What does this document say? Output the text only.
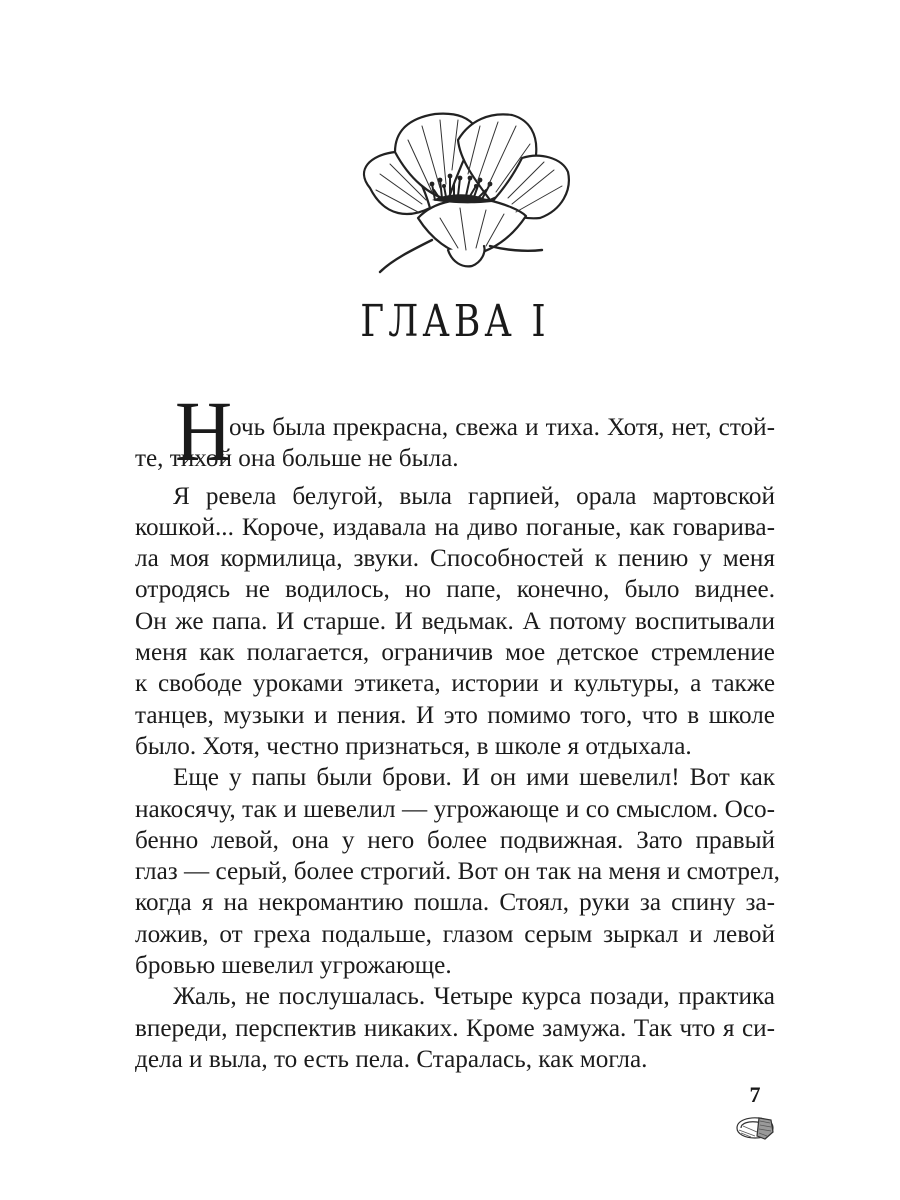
ГЛАВА I

Н
очь была прекрасна, свежа и тиха. Хотя, нет, стой-
те, тихой она больше не была.

Я ревела белугой, выла гарпией, орала мартовской
кошкой... Короче, издавала на диво поганые, как говарива-
ла моя кормилица, звуки. Способностей к пению у меня
отродясь не водилось, но папе, конечно, было виднее.
Он же папа. И старше. И ведьмак. А потому воспитывали
меня как полагается, ограничив мое детское стремление
к свободе уроками этикета, истории и культуры, а также
танцев, музыки и пения. И это помимо того, что в школе
было. Хотя, честно признаться, в школе я отдыхала.

Еще у папы были брови. И он ими шевелил! Вот как
накосячу, так и шевелил — угрожающе и со смыслом. Осо-
бенно левой, она у него более подвижная. Зато правый
глаз — серый, более строгий. Вот он так на меня и смотрел,
когда я на некромантию пошла. Стоял, руки за спину за-
ложив, от греха подальше, глазом серым зыркал и левой
бровью шевелил угрожающе.

Жаль, не послушалась. Четыре курса позади, практика
впереди, перспектив никаких. Кроме замужа. Так что я си-
дела и выла, то есть пела. Старалась, как могла.

7
